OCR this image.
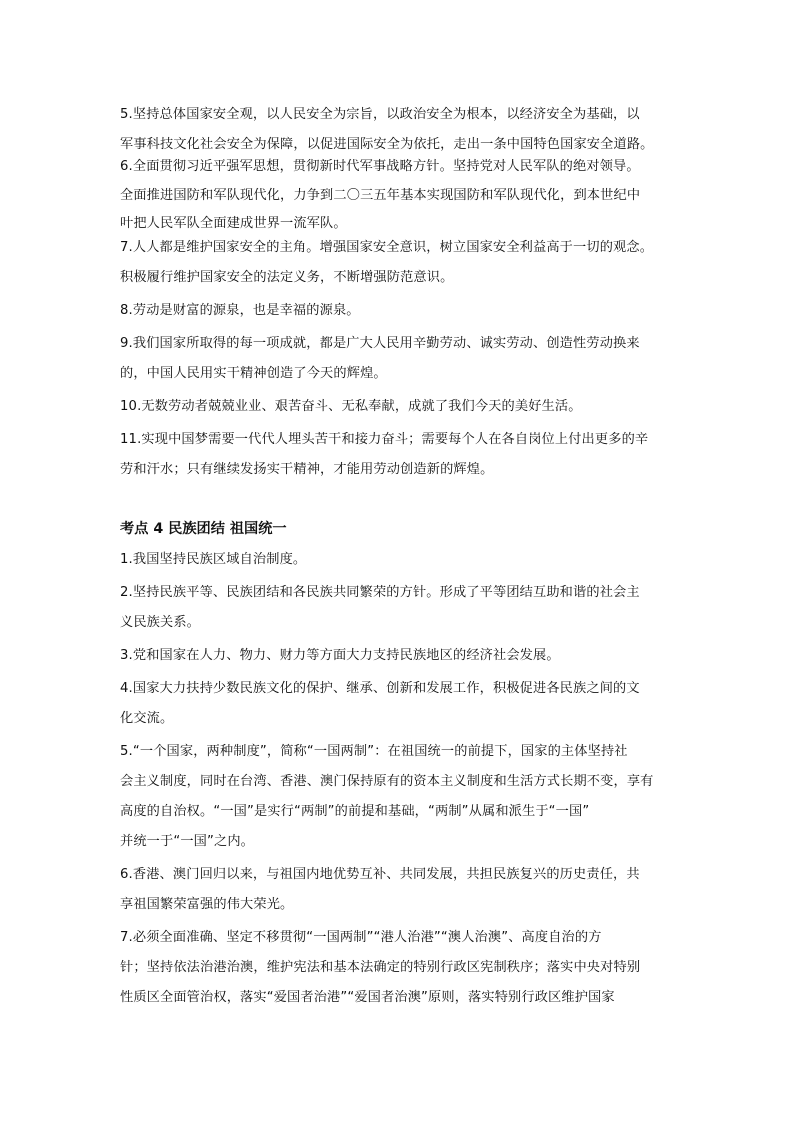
5.坚持总体国家安全观，以人民安全为宗旨，以政治安全为根本，以经济安全为基础，以
军事科技文化社会安全为保障，以促进国际安全为依托，走出一条中国特色国家安全道路。
6.全面贯彻习近平强军思想，贯彻新时代军事战略方针。坚持党对人民军队的绝对领导。
全面推进国防和军队现代化，力争到二〇三五年基本实现国防和军队现代化，到本世纪中
叶把人民军队全面建成世界一流军队。
7.人人都是维护国家安全的主角。增强国家安全意识，树立国家安全利益高于一切的观念。
积极履行维护国家安全的法定义务，不断增强防范意识。
8.劳动是财富的源泉，也是幸福的源泉。
9.我们国家所取得的每一项成就，都是广大人民用辛勤劳动、诚实劳动、创造性劳动换来
的，中国人民用实干精神创造了今天的辉煌。
10.无数劳动者兢兢业业、艰苦奋斗、无私奉献，成就了我们今天的美好生活。
11.实现中国梦需要一代代人埋头苦干和接力奋斗；需要每个人在各自岗位上付出更多的辛
劳和汗水；只有继续发扬实干精神，才能用劳动创造新的辉煌。
考点 4 民族团结 祖国统一
1.我国坚持民族区域自治制度。
2.坚持民族平等、民族团结和各民族共同繁荣的方针。形成了平等团结互助和谐的社会主
义民族关系。
3.党和国家在人力、物力、财力等方面大力支持民族地区的经济社会发展。
4.国家大力扶持少数民族文化的保护、继承、创新和发展工作，积极促进各民族之间的文
化交流。
5.“一个国家，两种制度”，简称“一国两制”：在祖国统一的前提下，国家的主体坚持社
会主义制度，同时在台湾、香港、澳门保持原有的资本主义制度和生活方式长期不变，享有
高度的自治权。“一国”是实行“两制”的前提和基础，“两制”从属和派生于“一国”
并统一于“一国”之内。
6.香港、澳门回归以来，与祖国内地优势互补、共同发展，共担民族复兴的历史责任，共
享祖国繁荣富强的伟大荣光。
7.必须全面准确、坚定不移贯彻“一国两制”“港人治港”“澳人治澳”、高度自治的方
针；坚持依法治港治澳，维护宪法和基本法确定的特别行政区宪制秩序；落实中央对特别
性质区全面管治权，落实“爱国者治港”“爱国者治澳”原则，落实特别行政区维护国家
